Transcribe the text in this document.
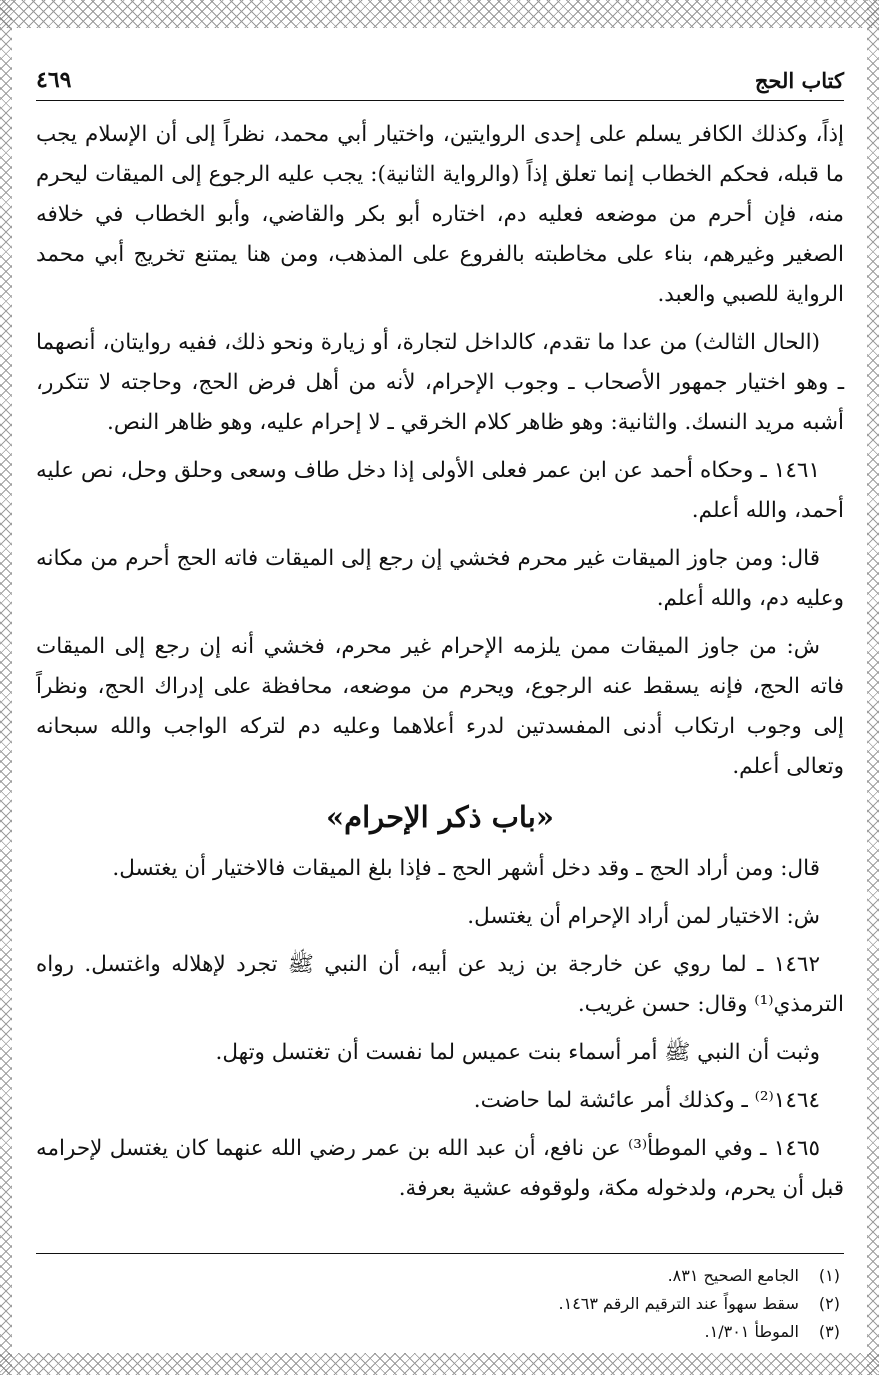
كتاب الحج
٤٦٩

إذاً، وكذلك الكافر يسلم على إحدى الروايتين، واختيار أبي محمد، نظراً إلى أن الإسلام يجب ما قبله، فحكم الخطاب إنما تعلق إذاً (والرواية الثانية): يجب عليه الرجوع إلى الميقات ليحرم منه، فإن أحرم من موضعه فعليه دم، اختاره أبو بكر والقاضي، وأبو الخطاب في خلافه الصغير وغيرهم، بناء على مخاطبته بالفروع على المذهب، ومن هنا يمتنع تخريج أبي محمد الرواية للصبي والعبد.

(الحال الثالث) من عدا ما تقدم، كالداخل لتجارة، أو زيارة ونحو ذلك، ففيه روايتان، أنصهما ـ وهو اختيار جمهور الأصحاب ـ وجوب الإحرام، لأنه من أهل فرض الحج، وحاجته لا تتكرر، أشبه مريد النسك. والثانية: وهو ظاهر كلام الخرقي ـ لا إحرام عليه، وهو ظاهر النص.

١٤٦١ ـ وحكاه أحمد عن ابن عمر فعلى الأولى إذا دخل طاف وسعى وحلق وحل، نص عليه أحمد، والله أعلم.

قال: ومن جاوز الميقات غير محرم فخشي إن رجع إلى الميقات فاته الحج أحرم من مكانه وعليه دم، والله أعلم.

ش: من جاوز الميقات ممن يلزمه الإحرام غير محرم، فخشي أنه إن رجع إلى الميقات فاته الحج، فإنه يسقط عنه الرجوع، ويحرم من موضعه، محافظة على إدراك الحج، ونظراً إلى وجوب ارتكاب أدنى المفسدتين لدرء أعلاهما وعليه دم لتركه الواجب والله سبحانه وتعالى أعلم.

«باب ذكر الإحرام»

قال: ومن أراد الحج ـ وقد دخل أشهر الحج ـ فإذا بلغ الميقات فالاختيار أن يغتسل.

ش: الاختيار لمن أراد الإحرام أن يغتسل.

١٤٦٢ ـ لما روي عن خارجة بن زيد عن أبيه، أن النبي ﷺ تجرد لإهلاله واغتسل. رواه الترمذي⁽¹⁾ وقال: حسن غريب.

وثبت أن النبي ﷺ أمر أسماء بنت عميس لما نفست أن تغتسل وتهل.

١٤٦٤⁽²⁾ ـ وكذلك أمر عائشة لما حاضت.

١٤٦٥ ـ وفي الموطأ⁽³⁾ عن نافع، أن عبد الله بن عمر رضي الله عنهما كان يغتسل لإحرامه قبل أن يحرم، ولدخوله مكة، ولوقوفه عشية بعرفة.

(١) الجامع الصحيح ٨٣١.
(٢) سقط سهواً عند الترقيم الرقم ١٤٦٣.
(٣) الموطأ ١/٣٠١.
